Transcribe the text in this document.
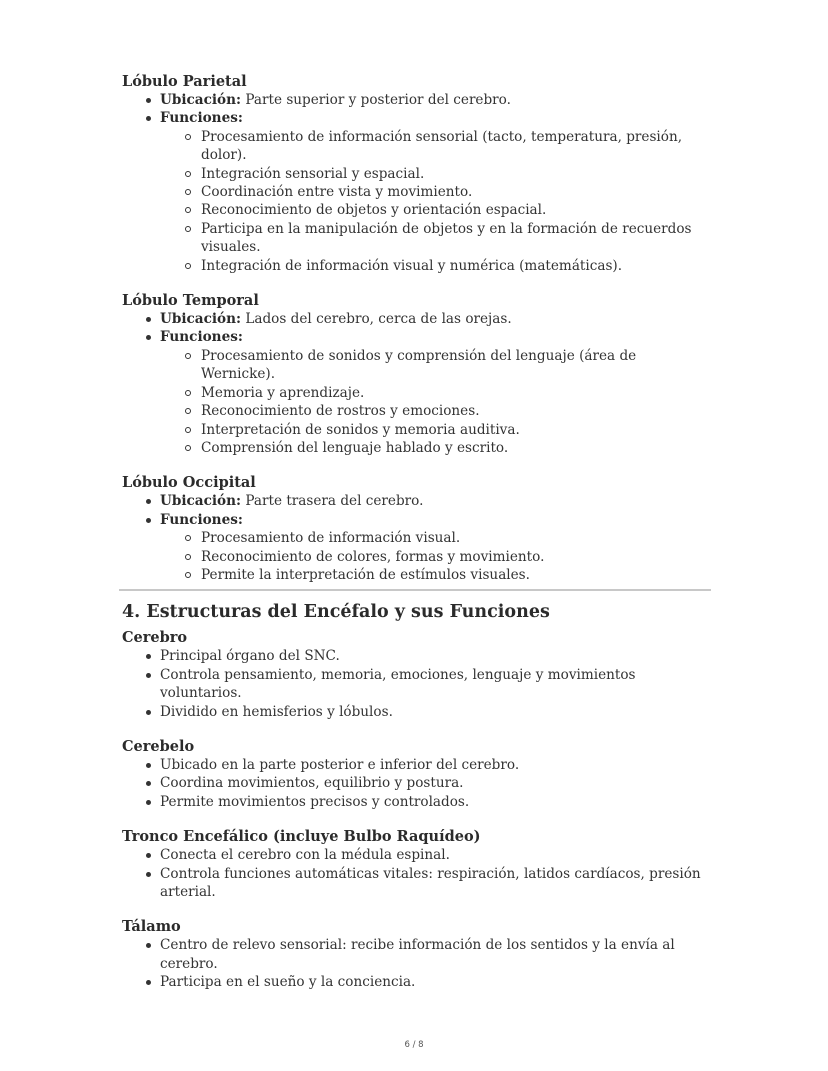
Lóbulo Parietal

Ubicación: Parte superior y posterior del cerebro.
Funciones:
Procesamiento de información sensorial (tacto, temperatura, presión, dolor).
Integración sensorial y espacial.
Coordinación entre vista y movimiento.
Reconocimiento de objetos y orientación espacial.
Participa en la manipulación de objetos y en la formación de recuerdos visuales.
Integración de información visual y numérica (matemáticas).

Lóbulo Temporal

Ubicación: Lados del cerebro, cerca de las orejas.
Funciones:
Procesamiento de sonidos y comprensión del lenguaje (área de Wernicke).
Memoria y aprendizaje.
Reconocimiento de rostros y emociones.
Interpretación de sonidos y memoria auditiva.
Comprensión del lenguaje hablado y escrito.

Lóbulo Occipital

Ubicación: Parte trasera del cerebro.
Funciones:
Procesamiento de información visual.
Reconocimiento de colores, formas y movimiento.
Permite la interpretación de estímulos visuales.
4. Estructuras del Encéfalo y sus Funciones

Cerebro

Principal órgano del SNC.
Controla pensamiento, memoria, emociones, lenguaje y movimientos voluntarios.
Dividido en hemisferios y lóbulos.

Cerebelo

Ubicado en la parte posterior e inferior del cerebro.
Coordina movimientos, equilibrio y postura.
Permite movimientos precisos y controlados.

Tronco Encefálico (incluye Bulbo Raquídeo)

Conecta el cerebro con la médula espinal.
Controla funciones automáticas vitales: respiración, latidos cardíacos, presión arterial.

Tálamo

Centro de relevo sensorial: recibe información de los sentidos y la envía al cerebro.
Participa en el sueño y la conciencia.
6 / 8
